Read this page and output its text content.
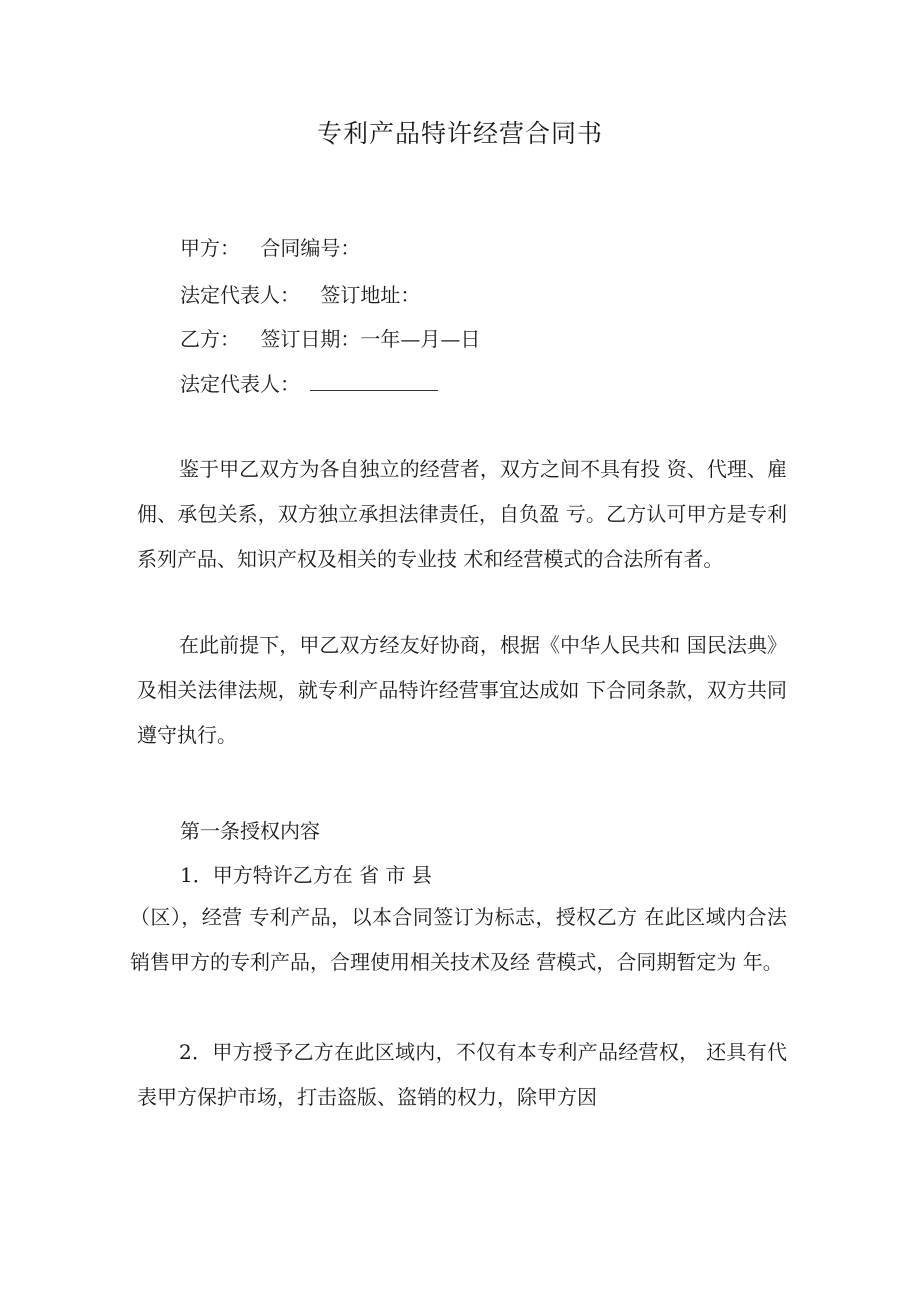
专利产品特许经营合同书
甲方： 合同编号：
法定代表人： 签订地址：
乙方： 签订日期：一年—月—日
法定代表人：
鉴于甲乙双方为各自独立的经营者，双方之间不具有投 资、代理、雇佣、承包关系，双方独立承担法律责任，自负盈 亏。乙方认可甲方是专利系列产品、知识产权及相关的专业技 术和经营模式的合法所有者。
在此前提下，甲乙双方经友好协商，根据《中华人民共和 国民法典》及相关法律法规，就专利产品特许经营事宜达成如 下合同条款，双方共同遵守执行。
第一条授权内容
1．甲方特许乙方在 省 市 县
（区），经营 专利产品，以本合同签订为标志，授权乙方 在此区域内合法销售甲方的专利产品，合理使用相关技术及经 营模式，合同期暂定为 年。
2．甲方授予乙方在此区域内，不仅有本专利产品经营权， 还具有代表甲方保护市场，打击盗版、盗销的权力，除甲方因
